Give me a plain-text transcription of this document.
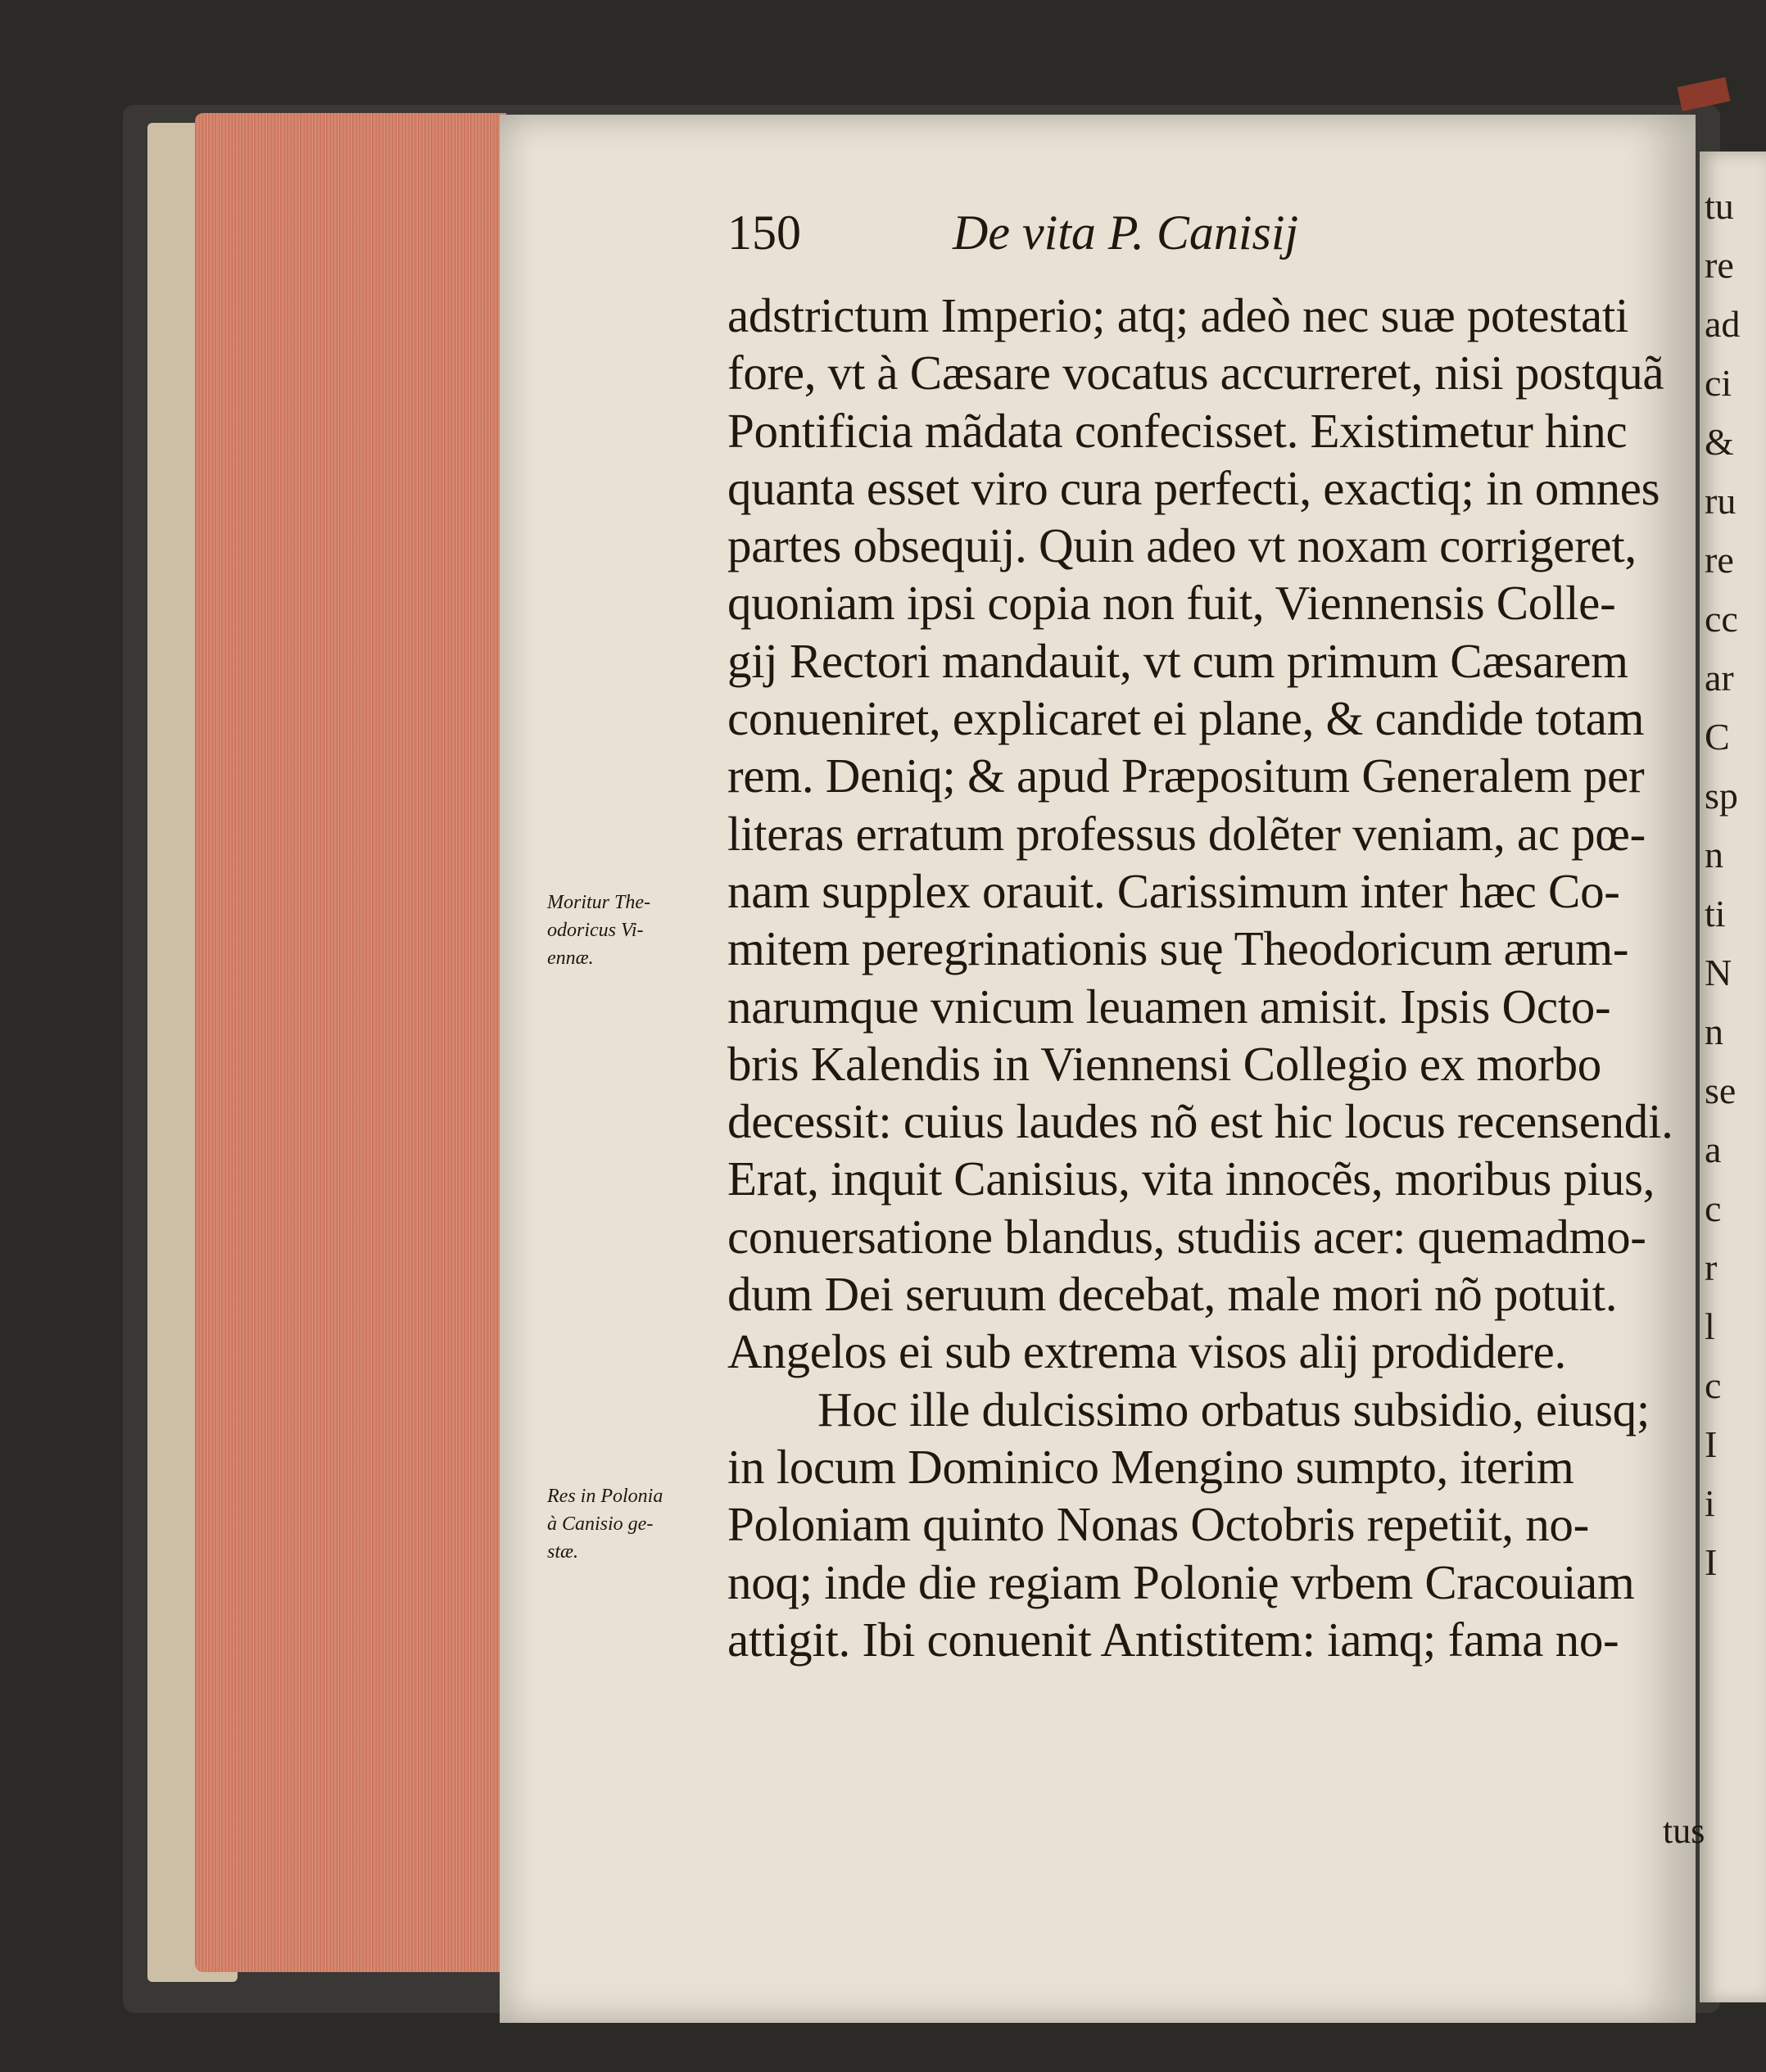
tu
re
ad
ci
&
ru
re
cc
ar
C
sp
n
ti
N
n
se
a
c
r
l
c
I
i
I
150	De vita P. Canisij
adstrictum Imperio; atq; adeò nec suæ potestati
fore, vt à Cæsare vocatus accurreret, nisi postquã
Pontificia mãdata confecisset. Existimetur hinc
quanta esset viro cura perfecti, exactiq; in omnes
partes obsequij. Quin adeo vt noxam corrigeret,
quoniam ipsi copia non fuit, Viennensis Colle-
gij Rectori mandauit, vt cum primum Cæsarem
conueniret, explicaret ei plane, & candide totam
rem. Deniq; & apud Præpositum Generalem per
literas erratum professus dolẽter veniam, ac pœ-
nam supplex orauit. Carissimum inter hæc Co-
mitem peregrinationis suę Theodoricum ærum-
narumque vnicum leuamen amisit. Ipsis Octo-
bris Kalendis in Viennensi Collegio ex morbo
decessit: cuius laudes nõ est hic locus recensendi.
Erat, inquit Canisius, vita innocẽs, moribus pius,
conuersatione blandus, studiis acer: quemadmo-
dum Dei seruum decebat, male mori nõ potuit.
Angelos ei sub extrema visos alij prodidere.
Hoc ille dulcissimo orbatus subsidio, eiusq;
in locum Dominico Mengino sumpto, iterim
Poloniam quinto Nonas Octobris repetiit, no-
noq; inde die regiam Polonię vrbem Cracouiam
attigit. Ibi conuenit Antistitem: iamq; fama no-
tus
Moritur The-
odoricus Vi-
ennæ.
Res in Polonia
à Canisio ge-
stæ.
